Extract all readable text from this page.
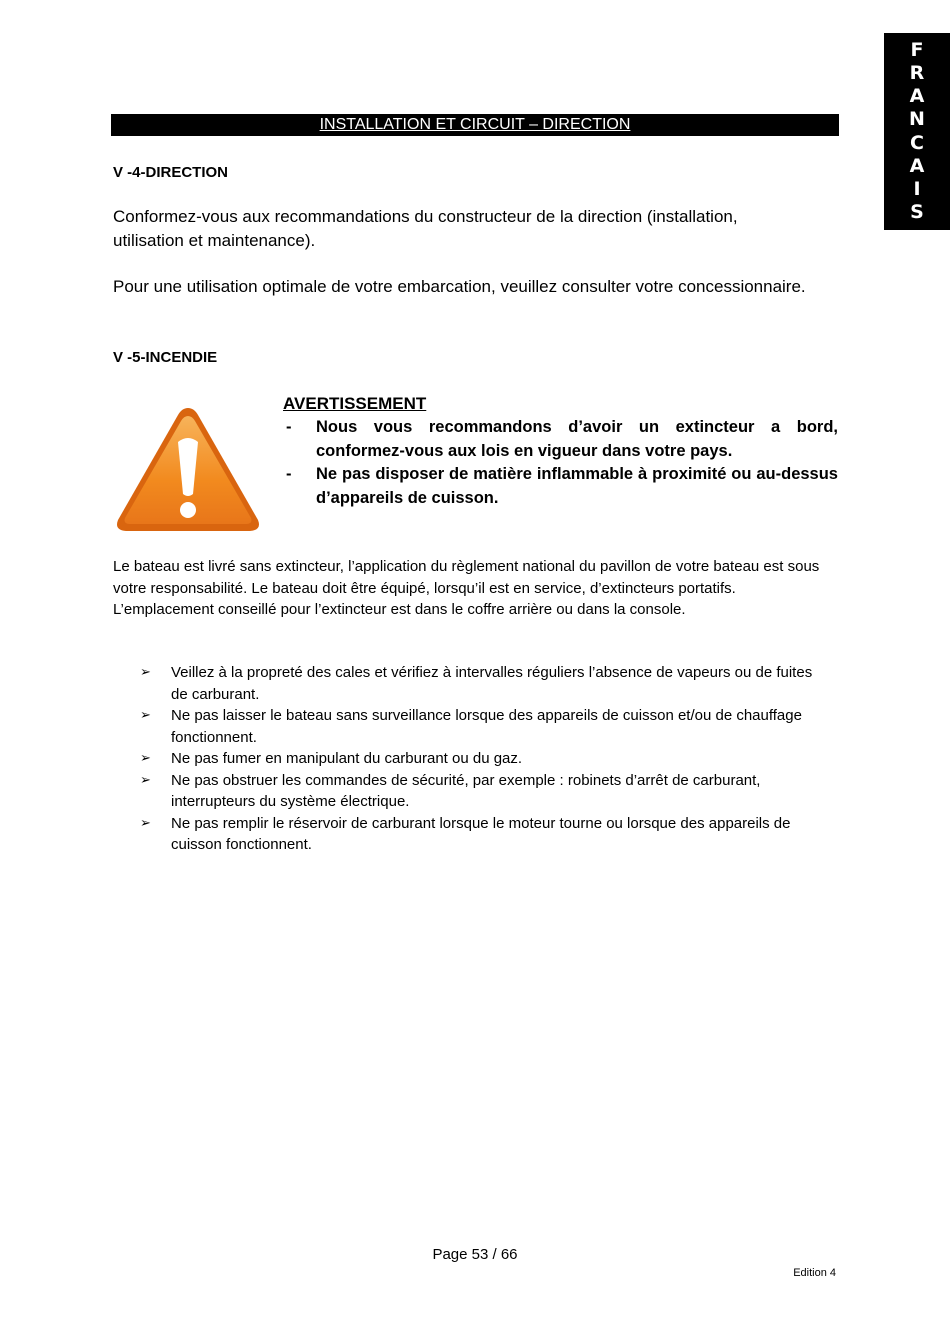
F
R
A
N
C
A
I
S
INSTALLATION ET CIRCUIT – DIRECTION
V -4-DIRECTION
Conformez-vous aux recommandations du constructeur de la direction (installation, utilisation et maintenance).
Pour une utilisation optimale de votre embarcation, veuillez consulter votre concessionnaire.
V -5-INCENDIE
AVERTISSEMENT
-	Nous vous recommandons d’avoir un extincteur a bord, conformez-vous aux lois en vigueur dans votre pays.
-	Ne pas disposer de matière inflammable à proximité ou au-dessus d’appareils de cuisson.

Le bateau est livré sans extincteur, l’application du règlement national du pavillon de votre bateau est sous votre responsabilité. Le bateau doit être équipé, lorsqu’il est en service, d’extincteurs portatifs.

L’emplacement conseillé pour l’extincteur est dans le coffre arrière ou dans la console.

➢	Veillez à la propreté des cales et vérifiez à intervalles réguliers l’absence de vapeurs ou de fuites de carburant.
➢	Ne pas laisser le bateau sans surveillance lorsque des appareils de cuisson et/ou de chauffage fonctionnent.
➢	Ne pas fumer en manipulant du carburant ou du gaz.
➢	Ne pas obstruer les commandes de sécurité, par exemple : robinets d’arrêt de carburant, interrupteurs du système électrique.
➢	Ne pas remplir le réservoir de carburant lorsque le moteur tourne ou lorsque des appareils de cuisson fonctionnent.
Page 53 / 66
Edition 4
